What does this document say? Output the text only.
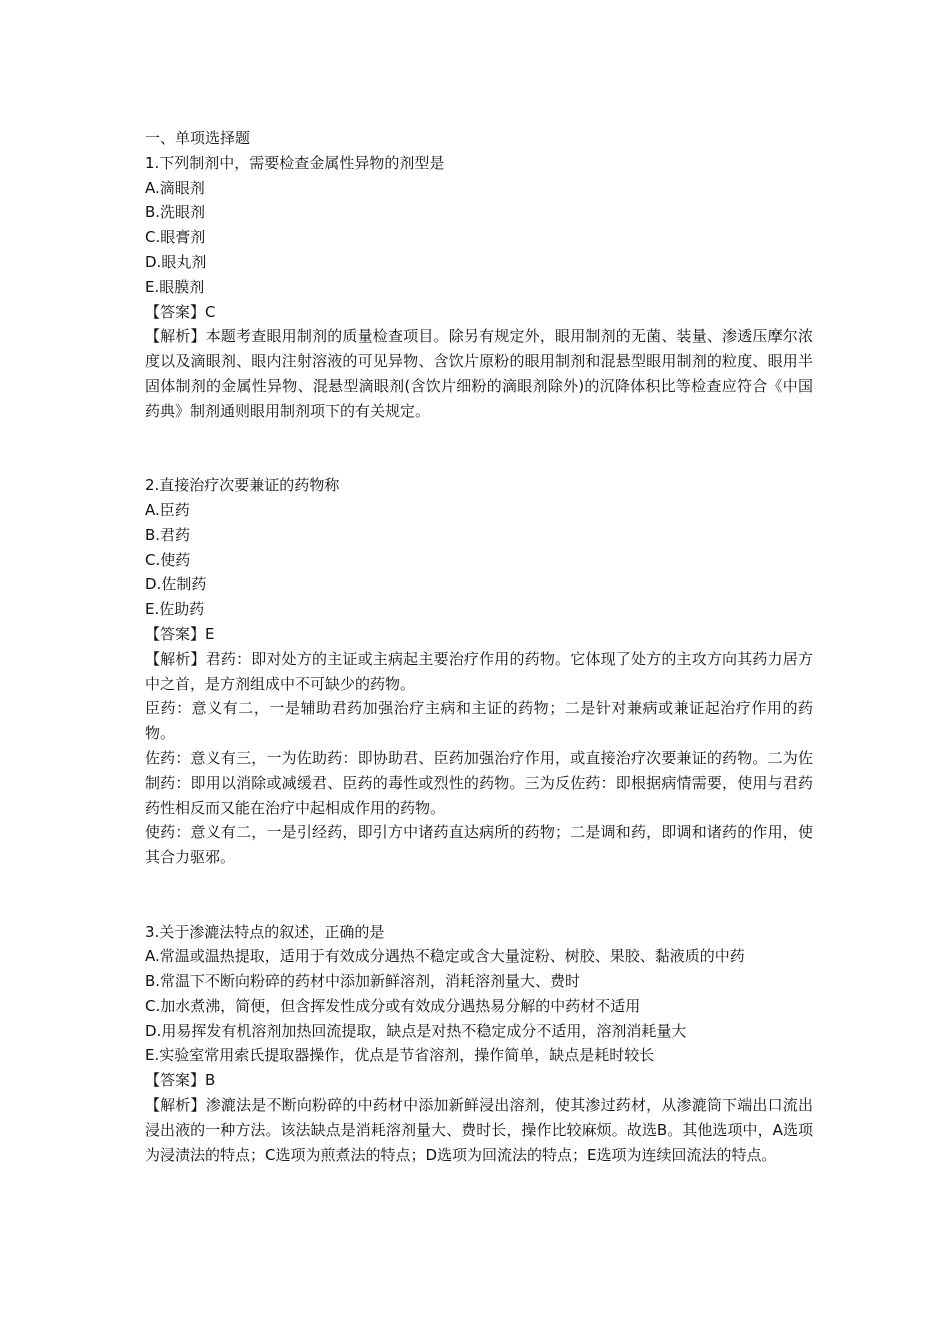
一、单项选择题
1.下列制剂中，需要检查金属性异物的剂型是
A.滴眼剂
B.洗眼剂
C.眼膏剂
D.眼丸剂
E.眼膜剂
【答案】C
【解析】本题考查眼用制剂的质量检查项目。除另有规定外，眼用制剂的无菌、装量、渗透压摩尔浓度以及滴眼剂、眼内注射溶液的可见异物、含饮片原粉的眼用制剂和混悬型眼用制剂的粒度、眼用半固体制剂的金属性异物、混悬型滴眼剂(含饮片细粉的滴眼剂除外)的沉降体积比等检查应符合《中国药典》制剂通则眼用制剂项下的有关规定。
2.直接治疗次要兼证的药物称
A.臣药
B.君药
C.使药
D.佐制药
E.佐助药
【答案】E
【解析】君药：即对处方的主证或主病起主要治疗作用的药物。它体现了处方的主攻方向其药力居方中之首，是方剂组成中不可缺少的药物。
臣药：意义有二，一是辅助君药加强治疗主病和主证的药物；二是针对兼病或兼证起治疗作用的药物。
佐药：意义有三，一为佐助药：即协助君、臣药加强治疗作用，或直接治疗次要兼证的药物。二为佐制药：即用以消除或减缓君、臣药的毒性或烈性的药物。三为反佐药：即根据病情需要，使用与君药药性相反而又能在治疗中起相成作用的药物。
使药：意义有二，一是引经药，即引方中诸药直达病所的药物；二是调和药，即调和诸药的作用，使其合力驱邪。
3.关于渗漉法特点的叙述，正确的是
A.常温或温热提取，适用于有效成分遇热不稳定或含大量淀粉、树胶、果胶、黏液质的中药
B.常温下不断向粉碎的药材中添加新鲜溶剂，消耗溶剂量大、费时
C.加水煮沸，简便，但含挥发性成分或有效成分遇热易分解的中药材不适用
D.用易挥发有机溶剂加热回流提取，缺点是对热不稳定成分不适用，溶剂消耗量大
E.实验室常用索氏提取器操作，优点是节省溶剂，操作简单，缺点是耗时较长
【答案】B
【解析】渗漉法是不断向粉碎的中药材中添加新鲜浸出溶剂，使其渗过药材，从渗漉筒下端出口流出浸出液的一种方法。该法缺点是消耗溶剂量大、费时长，操作比较麻烦。故选B。其他选项中，A选项为浸渍法的特点；C选项为煎煮法的特点；D选项为回流法的特点；E选项为连续回流法的特点。
